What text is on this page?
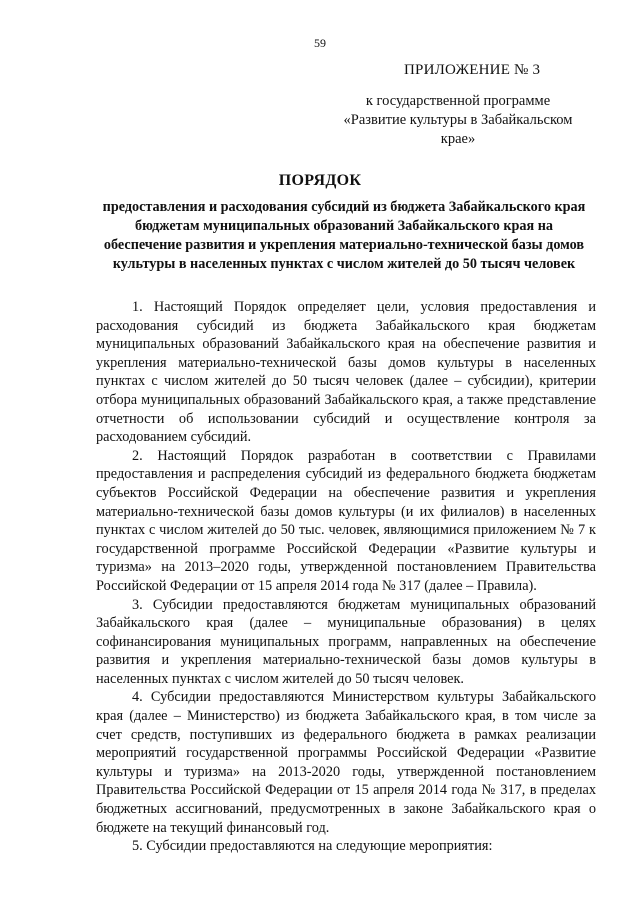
59
ПРИЛОЖЕНИЕ № 3
к государственной программе «Развитие культуры в Забайкальском крае»
ПОРЯДОК
предоставления и расходования субсидий из бюджета Забайкальского края бюджетам муниципальных образований Забайкальского края на обеспечение развития и укрепления материально-технической базы домов культуры в населенных пунктах с числом жителей до 50 тысяч человек

1. Настоящий Порядок определяет цели, условия предоставления и расходования субсидий из бюджета Забайкальского края бюджетам муниципальных образований Забайкальского края на обеспечение развития и укрепления материально-технической базы домов культуры в населенных пунктах с числом жителей до 50 тысяч человек (далее – субсидии), критерии отбора муниципальных образований Забайкальского края, а также представление отчетности об использовании субсидий и осуществление контроля за расходованием субсидий.

2. Настоящий Порядок разработан в соответствии с Правилами предоставления и распределения субсидий из федерального бюджета бюджетам субъектов Российской Федерации на обеспечение развития и укрепления материально-технической базы домов культуры (и их филиалов) в населенных пунктах с числом жителей до 50 тыс. человек, являющимися приложением № 7 к государственной программе Российской Федерации «Развитие культуры и туризма» на 2013–2020 годы, утвержденной постановлением Правительства Российской Федерации от 15 апреля 2014 года № 317 (далее – Правила).

3. Субсидии предоставляются бюджетам муниципальных образований Забайкальского края (далее – муниципальные образования) в целях софинансирования муниципальных программ, направленных на обеспечение развития и укрепления материально-технической базы домов культуры в населенных пунктах с числом жителей до 50 тысяч человек.

4. Субсидии предоставляются Министерством культуры Забайкальского края (далее – Министерство) из бюджета Забайкальского края, в том числе за счет средств, поступивших из федерального бюджета в рамках реализации мероприятий государственной программы Российской Федерации «Развитие культуры и туризма» на 2013-2020 годы, утвержденной постановлением Правительства Российской Федерации от 15 апреля 2014 года № 317, в пределах бюджетных ассигнований, предусмотренных в законе Забайкальского края о бюджете на текущий финансовый год.

5. Субсидии предоставляются на следующие мероприятия:
